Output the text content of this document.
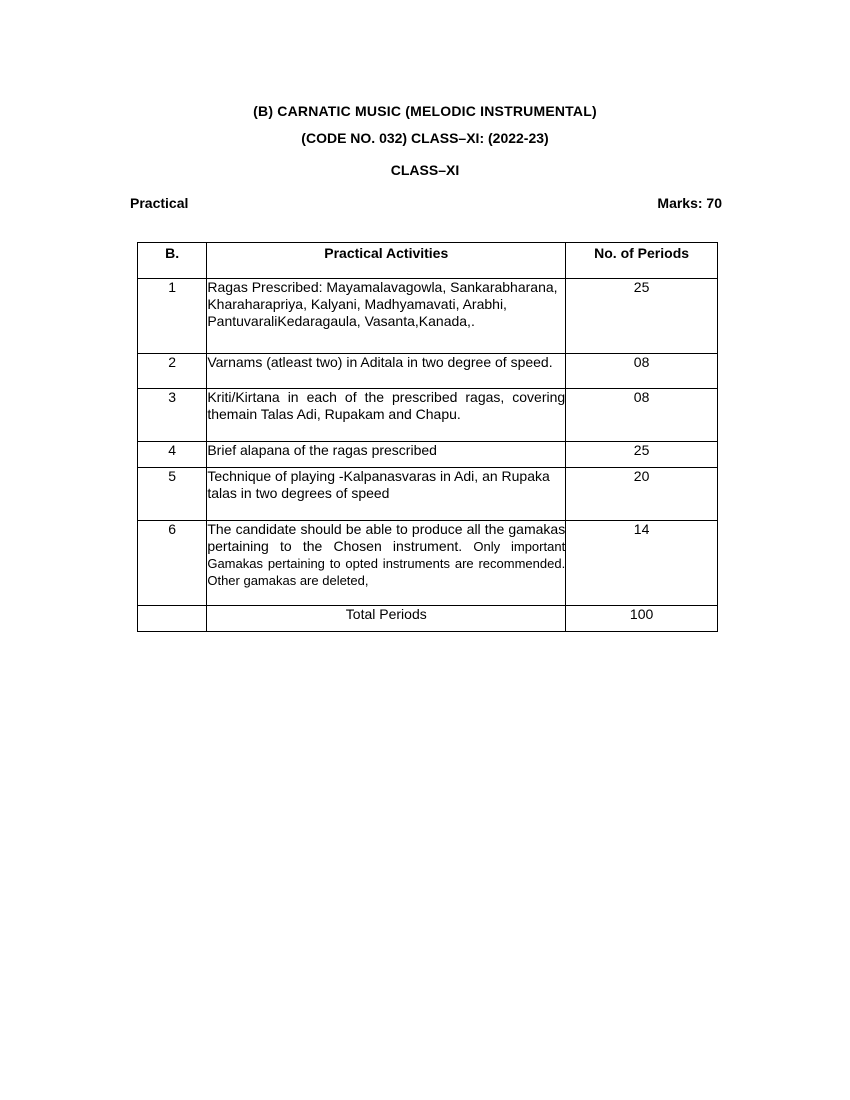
(B) CARNATIC MUSIC (MELODIC INSTRUMENTAL)

(CODE NO. 032) CLASS–XI: (2022-23)

CLASS–XI

Practical	Marks: 70
B.	Practical Activities	No. of Periods
1	Ragas Prescribed: Mayamalavagowla, Sankarabharana, Kharaharapriya, Kalyani, Madhyamavati, Arabhi, PantuvaraliKedaragaula, Vasanta,Kanada,.	25
2	Varnams (atleast two) in Aditala in two degree of speed.	08
3	Kriti/Kirtana in each of the prescribed ragas, covering themain Talas Adi, Rupakam and Chapu.	08
4	Brief alapana of the ragas prescribed	25
5	Technique of playing -Kalpanasvaras in Adi, an Rupaka talas in two degrees of speed	20
6	The candidate should be able to produce all the gamakas pertaining to the Chosen instrument. Only important Gamakas pertaining to opted instruments are recommended. Other gamakas are deleted,	14
	Total Periods	100
